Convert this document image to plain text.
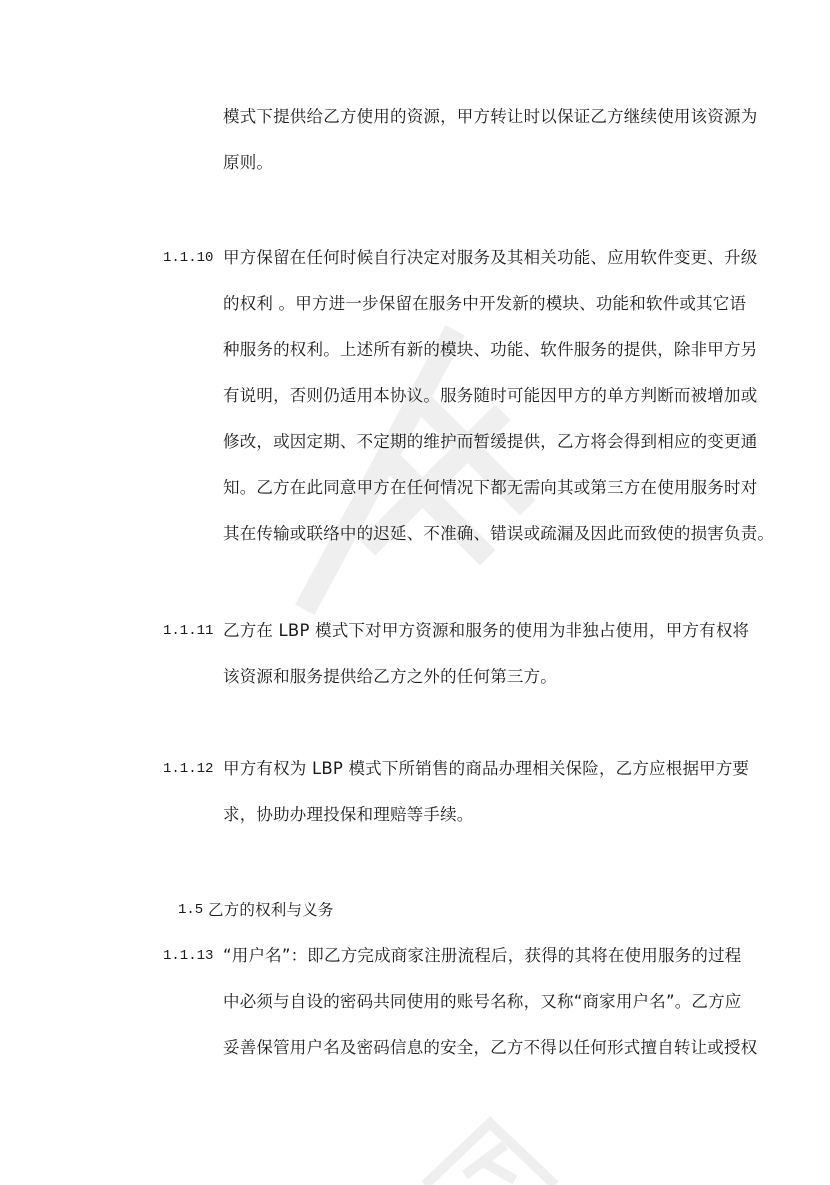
模式下提供给乙方使用的资源，甲方转让时以保证乙方继续使用该资源为
原则。
1.1.10 甲方保留在任何时候自行决定对服务及其相关功能、应用软件变更、升级
的权利 。甲方进一步保留在服务中开发新的模块、功能和软件或其它语
种服务的权利。上述所有新的模块、功能、软件服务的提供，除非甲方另
有说明，否则仍适用本协议。服务随时可能因甲方的单方判断而被增加或
修改，或因定期、不定期的维护而暂缓提供，乙方将会得到相应的变更通
知。乙方在此同意甲方在任何情况下都无需向其或第三方在使用服务时对
其在传输或联络中的迟延、不准确、错误或疏漏及因此而致使的损害负责。
1.1.11 乙方在 LBP 模式下对甲方资源和服务的使用为非独占使用，甲方有权将
该资源和服务提供给乙方之外的任何第三方。
1.1.12 甲方有权为 LBP 模式下所销售的商品办理相关保险，乙方应根据甲方要
求，协助办理投保和理赔等手续。
1.5 乙方的权利与义务
1.1.13 “用户名”：即乙方完成商家注册流程后，获得的其将在使用服务的过程
中必须与自设的密码共同使用的账号名称，又称“商家用户名”。乙方应
妥善保管用户名及密码信息的安全，乙方不得以任何形式擅自转让或授权
